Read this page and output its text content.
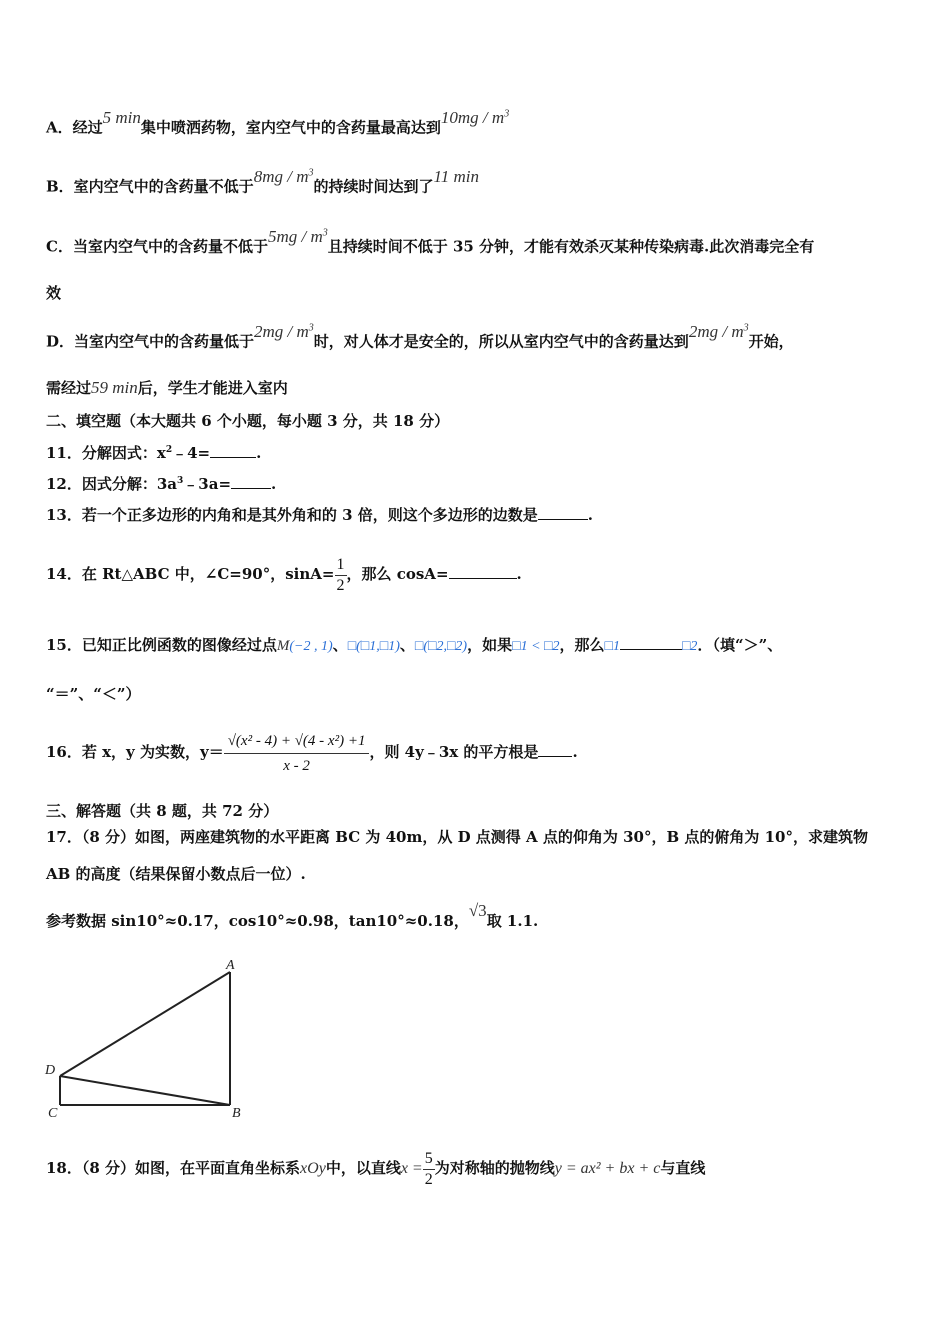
A．经过5 min集中喷洒药物，室内空气中的含药量最高达到$10mg / m^3$
B．室内空气中的含药量不低于$8mg / m^3$的持续时间达到了11 min
C．当室内空气中的含药量不低于$5mg / m^3$且持续时间不低于 35 分钟，才能有效杀灭某种传染病毒.此次消毒完全有
效
D．当室内空气中的含药量低于$2mg / m^3$时，对人体才是安全的，所以从室内空气中的含药量达到$2mg / m^3$开始，
需经过59 min后，学生才能进入室内
二、填空题（本大题共 6 个小题，每小题 3 分，共 18 分）
11．分解因式：$x^2﹣4=$	.
12．因式分解：$3a^3﹣3a=$	.
13．若一个正多边形的内角和是其外角和的 3 倍，则这个多边形的边数是	.
14．在 Rt△ABC 中，∠C=90°，$\sin A= \frac{1}{2}$ ，那么 cosA=	.
15．已知正比例函数的图像经过点M(−2 , 1)、□(□1,□1)、□(□2,□2)，如果□1 < □2，那么□1	□2．（填“＞”、
“＝”、“＜”）
16．若 x，y 为实数，$y= \frac{\text{√(x² - 4) + √(4 - x²) +1}}{x - 2}$ ，则 4y﹣3x 的平方根是 .
三、解答题（共 8 题，共 72 分）
17．（8 分）如图，两座建筑物的水平距离 BC 为 40m，从 D 点测得 A 点的仰角为 30°，B 点的俯角为 10°，求建筑物
AB 的高度（结果保留小数点后一位）.
参考数据 sin10°≈0.17，cos10°≈0.98，tan10°≈0.18，√3取 1.1.
A
B
C
D
18．（8 分）如图，在平面直角坐标系xOy中，以直线$x = \frac{5}{2}$ 为对称轴的抛物线y = ax² + bx + c与直线
